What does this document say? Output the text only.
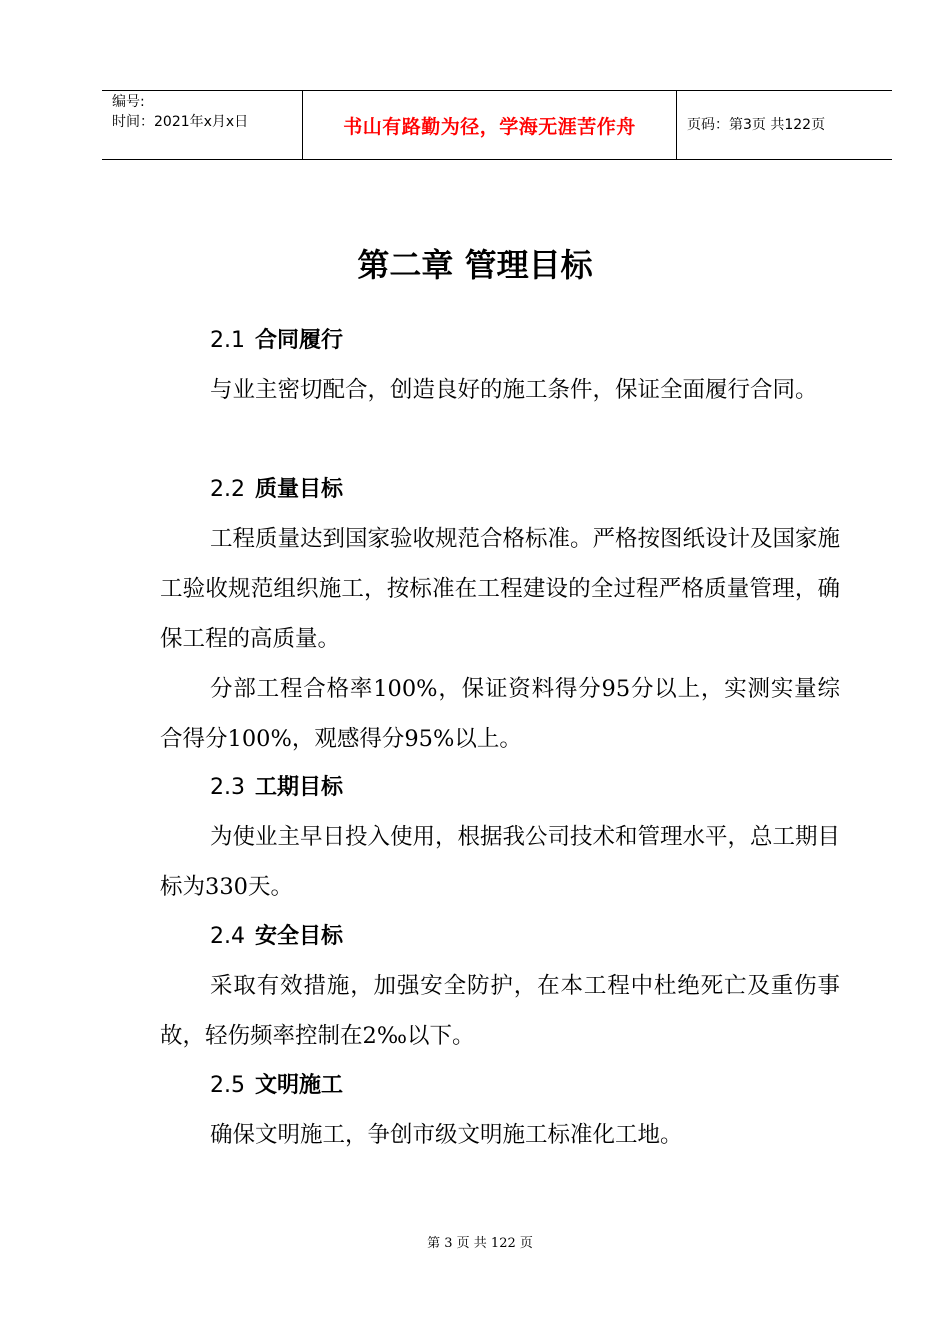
编号:
时间：2021年x月x日	书山有路勤为径，学海无涯苦作舟	页码：第3页 共122页
第二章 管理目标
2.1 合同履行
与业主密切配合，创造良好的施工条件，保证全面履行合同。
2.2 质量目标
工程质量达到国家验收规范合格标准。严格按图纸设计及国家施工验收规范组织施工，按标准在工程建设的全过程严格质量管理，确保工程的高质量。
分部工程合格率100%，保证资料得分95分以上，实测实量综合得分100%，观感得分95%以上。
2.3 工期目标
为使业主早日投入使用，根据我公司技术和管理水平，总工期目标为330天。
2.4 安全目标
采取有效措施，加强安全防护，在本工程中杜绝死亡及重伤事故，轻伤频率控制在2‰以下。
2.5 文明施工
确保文明施工，争创市级文明施工标准化工地。
第 3 页 共 122 页
